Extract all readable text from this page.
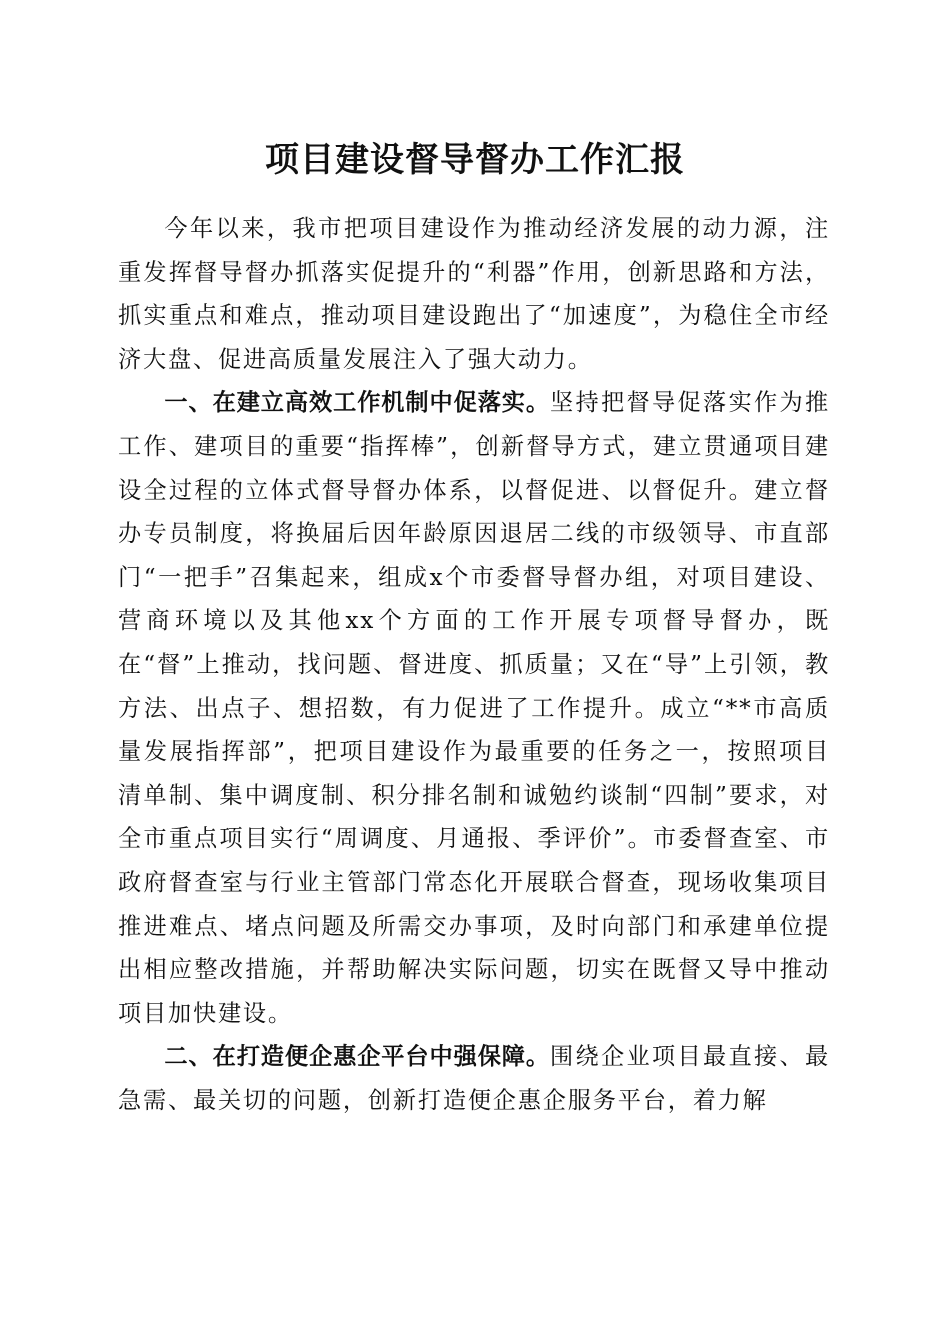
项目建设督导督办工作汇报

今年以来，我市把项目建设作为推动经济发展的动力源，注重发挥督导督办抓落实促提升的“利器”作用，创新思路和方法，抓实重点和难点，推动项目建设跑出了“加速度”，为稳住全市经济大盘、促进高质量发展注入了强大动力。

一、在建立高效工作机制中促落实。坚持把督导促落实作为推工作、建项目的重要“指挥棒”，创新督导方式，建立贯通项目建设全过程的立体式督导督办体系，以督促进、以督促升。建立督办专员制度，将换届后因年龄原因退居二线的市级领导、市直部门“一把手”召集起来，组成x个市委督导督办组，对项目建设、营商环境以及其他xx个方面的工作开展专项督导督办，既在“督”上推动，找问题、督进度、抓质量；又在“导”上引领，教方法、出点子、想招数，有力促进了工作提升。成立“**市高质量发展指挥部”，把项目建设作为最重要的任务之一，按照项目清单制、集中调度制、积分排名制和诚勉约谈制“四制”要求，对全市重点项目实行“周调度、月通报、季评价”。市委督查室、市政府督查室与行业主管部门常态化开展联合督查，现场收集项目推进难点、堵点问题及所需交办事项，及时向部门和承建单位提出相应整改措施，并帮助解决实际问题，切实在既督又导中推动项目加快建设。

二、在打造便企惠企平台中强保障。围绕企业项目最直接、最急需、最关切的问题，创新打造便企惠企服务平台，着力解
